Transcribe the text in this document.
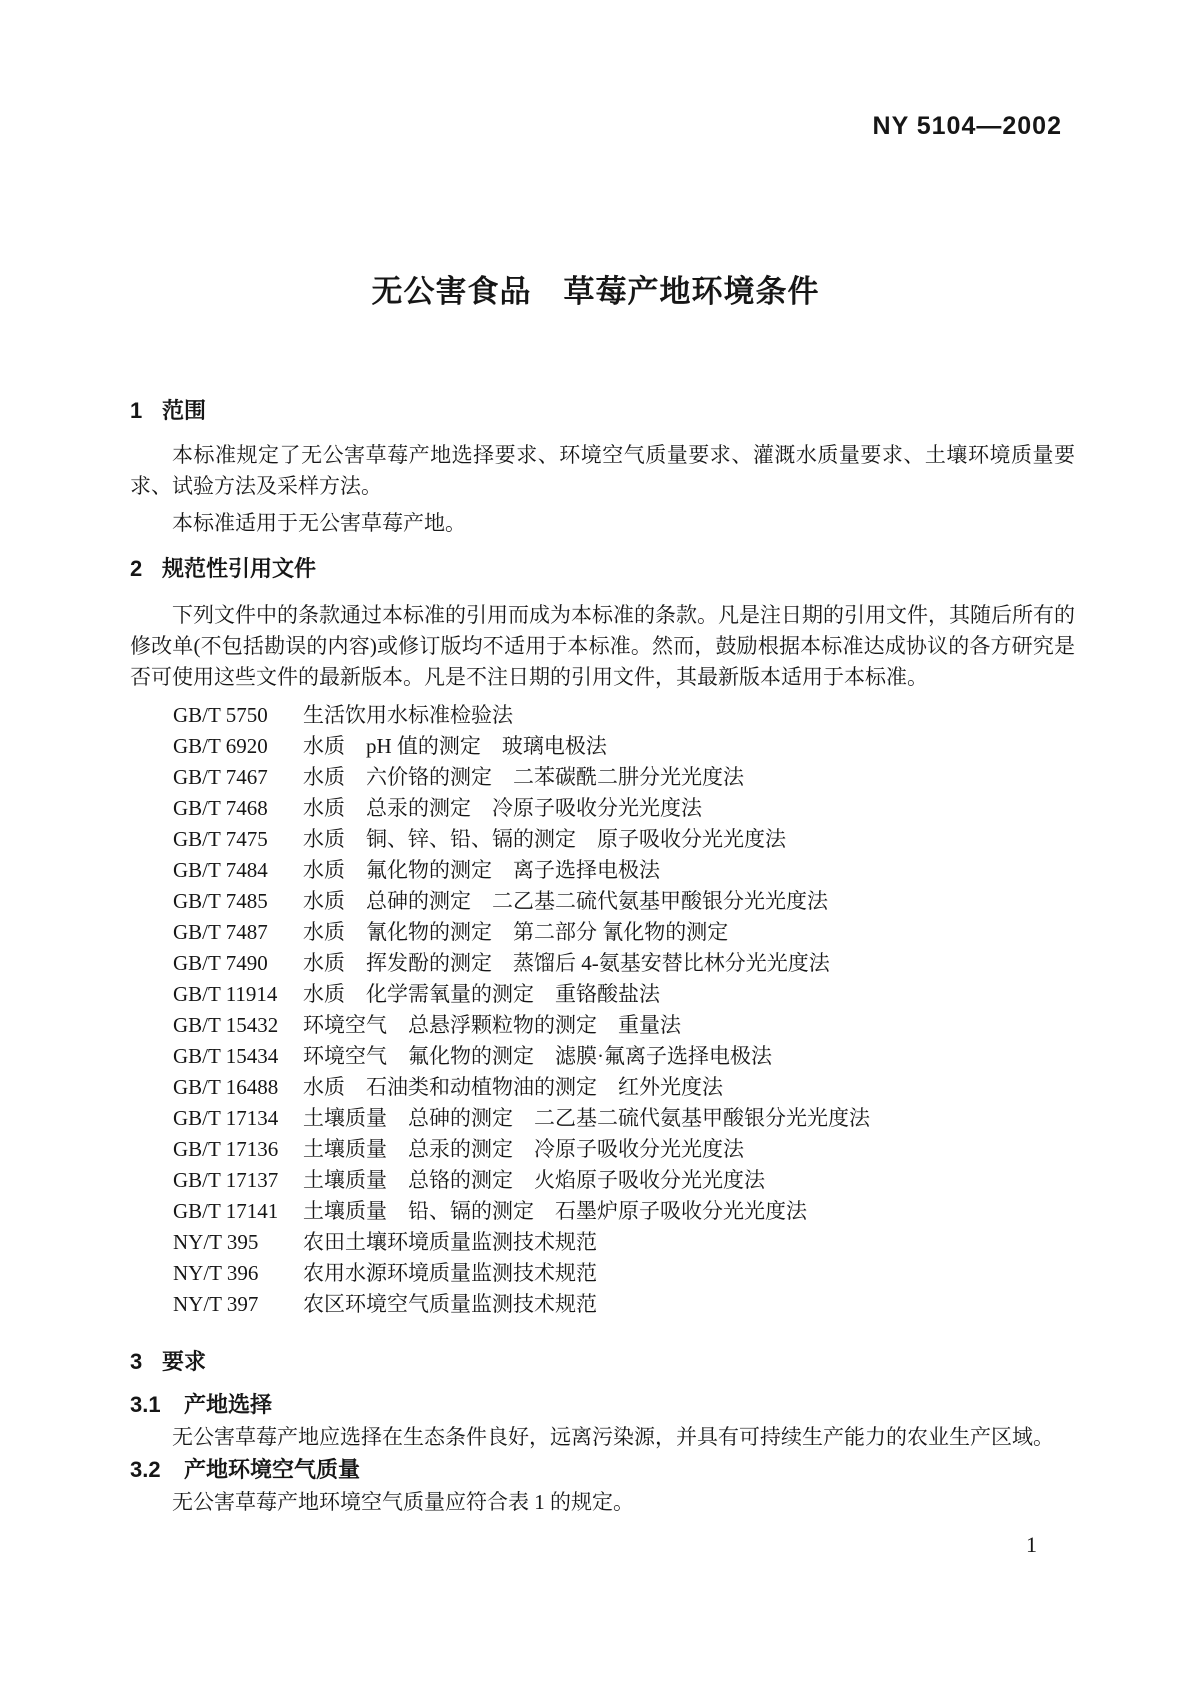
NY 5104—2002
无公害食品　草莓产地环境条件
1 范围

本标准规定了无公害草莓产地选择要求、环境空气质量要求、灌溉水质量要求、土壤环境质量要求、试验方法及采样方法。

本标准适用于无公害草莓产地。

2 规范性引用文件

下列文件中的条款通过本标准的引用而成为本标准的条款。凡是注日期的引用文件，其随后所有的修改单(不包括勘误的内容)或修订版均不适用于本标准。然而，鼓励根据本标准达成协议的各方研究是否可使用这些文件的最新版本。凡是不注日期的引用文件，其最新版本适用于本标准。

GB/T 5750	生活饮用水标准检验法
GB/T 6920	水质　pH 值的测定　玻璃电极法
GB/T 7467	水质　六价铬的测定　二苯碳酰二肼分光光度法
GB/T 7468	水质　总汞的测定　冷原子吸收分光光度法
GB/T 7475	水质　铜、锌、铅、镉的测定　原子吸收分光光度法
GB/T 7484	水质　氟化物的测定　离子选择电极法
GB/T 7485	水质　总砷的测定　二乙基二硫代氨基甲酸银分光光度法
GB/T 7487	水质　氰化物的测定　第二部分 氰化物的测定
GB/T 7490	水质　挥发酚的测定　蒸馏后 4-氨基安替比林分光光度法
GB/T 11914	水质　化学需氧量的测定　重铬酸盐法
GB/T 15432	环境空气　总悬浮颗粒物的测定　重量法
GB/T 15434	环境空气　氟化物的测定　滤膜·氟离子选择电极法
GB/T 16488	水质　石油类和动植物油的测定　红外光度法
GB/T 17134	土壤质量　总砷的测定　二乙基二硫代氨基甲酸银分光光度法
GB/T 17136	土壤质量　总汞的测定　冷原子吸收分光光度法
GB/T 17137	土壤质量　总铬的测定　火焰原子吸收分光光度法
GB/T 17141	土壤质量　铅、镉的测定　石墨炉原子吸收分光光度法
NY/T 395	农田土壤环境质量监测技术规范
NY/T 396	农用水源环境质量监测技术规范
NY/T 397	农区环境空气质量监测技术规范
3 要求
3.1 产地选择

无公害草莓产地应选择在生态条件良好，远离污染源，并具有可持续生产能力的农业生产区域。

3.2 产地环境空气质量

无公害草莓产地环境空气质量应符合表 1 的规定。

1
